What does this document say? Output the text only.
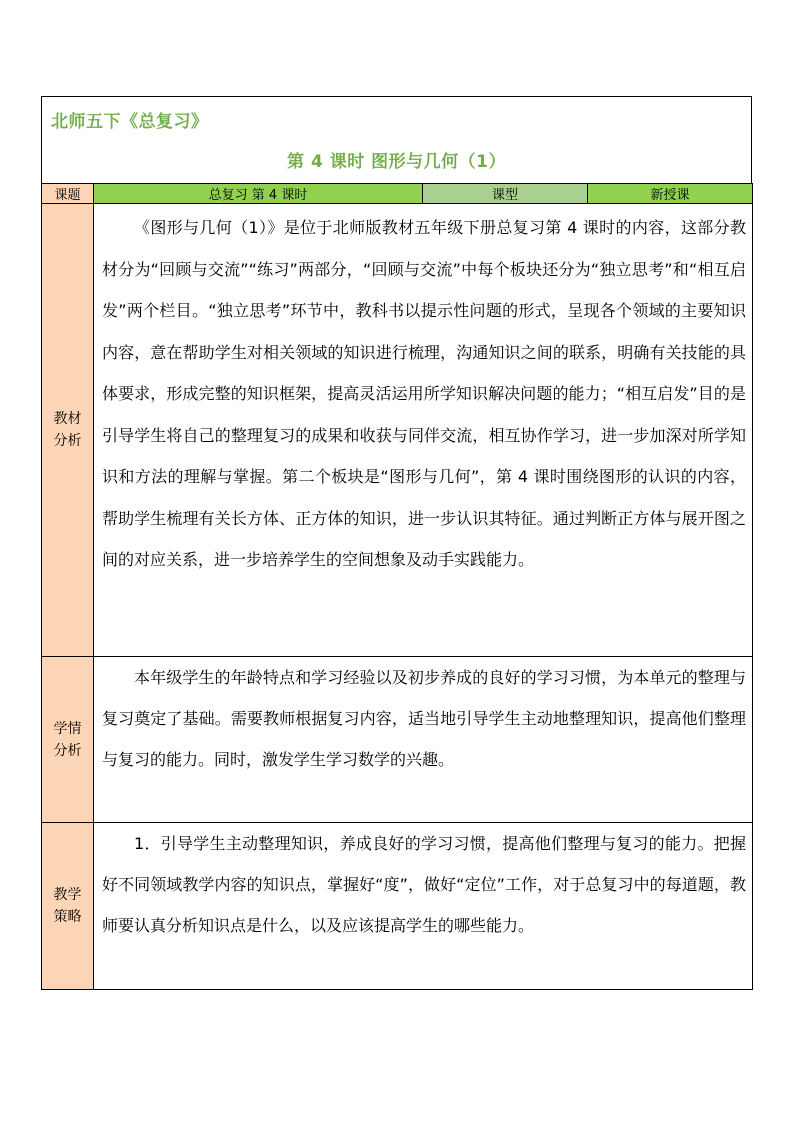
北师五下《总复习》
第 4 课时 图形与几何（1）
课题	总复习 第 4 课时	课型	新授课

教材分析	《图形与几何（1）》是位于北师版教材五年级下册总复习第 4 课时的内容，这部分教材分为“回顾与交流”“练习”两部分，“回顾与交流”中每个板块还分为“独立思考”和“相互启发”两个栏目。“独立思考”环节中，教科书以提示性问题的形式，呈现各个领域的主要知识内容，意在帮助学生对相关领域的知识进行梳理，沟通知识之间的联系，明确有关技能的具体要求，形成完整的知识框架，提高灵活运用所学知识解决问题的能力；“相互启发”目的是引导学生将自己的整理复习的成果和收获与同伴交流，相互协作学习，进一步加深对所学知识和方法的理解与掌握。第二个板块是“图形与几何”，第 4 课时围绕图形的认识的内容，帮助学生梳理有关长方体、正方体的知识，进一步认识其特征。通过判断正方体与展开图之间的对应关系，进一步培养学生的空间想象及动手实践能力。		

学情分析	本年级学生的年龄特点和学习经验以及初步养成的良好的学习习惯，为本单元的整理与复习奠定了基础。需要教师根据复习内容，适当地引导学生主动地整理知识，提高他们整理与复习的能力。同时，激发学生学习数学的兴趣。		

教学策略	1．引导学生主动整理知识，养成良好的学习习惯，提高他们整理与复习的能力。把握好不同领域教学内容的知识点，掌握好“度”，做好“定位”工作，对于总复习中的每道题，教师要认真分析知识点是什么，以及应该提高学生的哪些能力。		
